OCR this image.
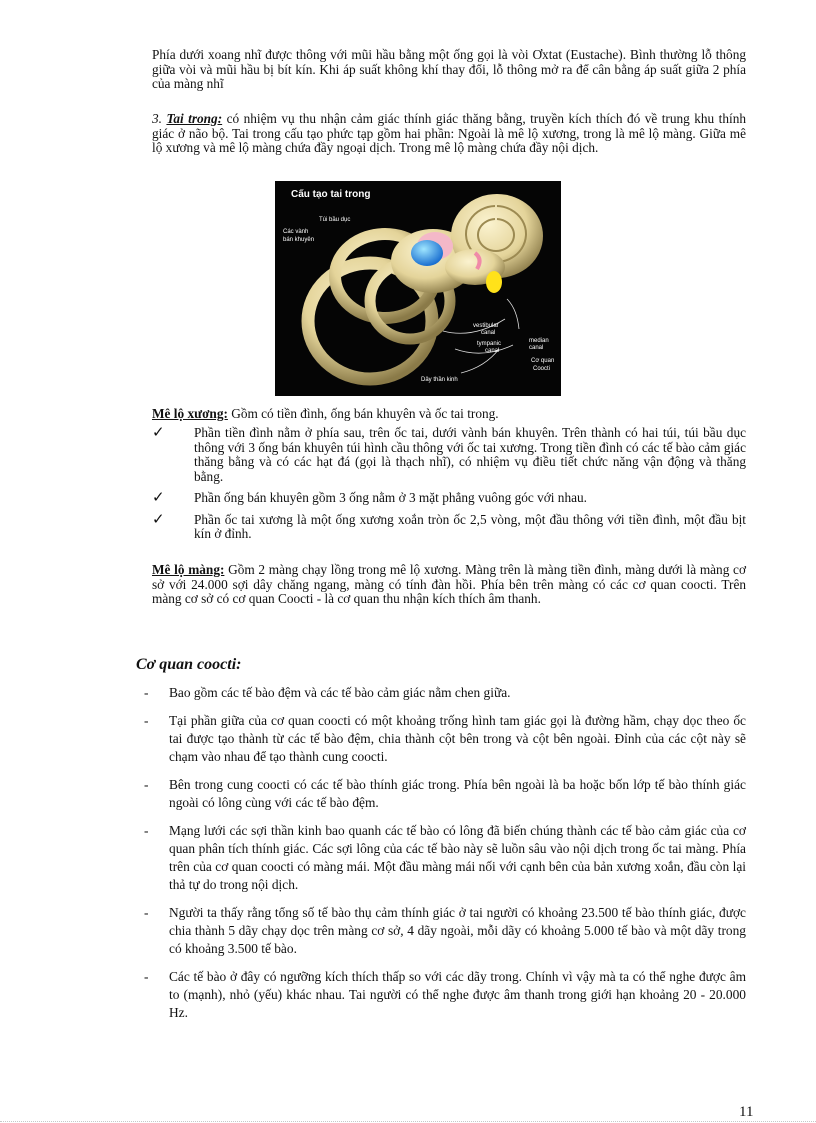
Phía dưới xoang nhĩ được thông với mũi hầu bằng một ống gọi là vòi Ơxtat (Eustache). Bình thường lỗ thông giữa vòi và mũi hầu bị bít kín. Khi áp suất không khí thay đổi, lỗ thông mở ra để cân bằng áp suất giữa 2 phía của màng nhĩ

3. Tai trong: có nhiệm vụ thu nhận cảm giác thính giác thăng bằng, truyền kích thích đó về trung khu thính giác ở não bộ. Tai trong cấu tạo phức tạp gồm hai phần: Ngoài là mê lộ xương, trong là mê lộ màng. Giữa mê lộ xương và mê lộ màng chứa đầy ngoại dịch. Trong mê lộ màng chứa đầy nội dịch.

Cấu tạo tai trong
Túi bầu dục
Các vành
bán khuyên
vestibular
canal
median
canal
tympanic
canal
Cơ quan
Coocti
Dây thần kinh

Mê lộ xương: Gồm có tiền đình, ống bán khuyên và ốc tai trong.

✓ Phần tiền đình nằm ở phía sau, trên ốc tai, dưới vành bán khuyên. Trên thành có hai túi, túi bầu dục thông với 3 ống bán khuyên túi hình cầu thông với ốc tai xương. Trong tiền đình có các tế bào cảm giác thăng bằng và có các hạt đá (gọi là thạch nhĩ), có nhiệm vụ điều tiết chức năng vận động và thăng bằng.
✓ Phần ống bán khuyên gồm 3 ống nằm ở 3 mặt phẳng vuông góc với nhau.
✓ Phần ốc tai xương là một ống xương xoắn tròn ốc 2,5 vòng, một đầu thông với tiền đình, một đầu bịt kín ở đỉnh.

Mê lộ màng: Gồm 2 màng chạy lồng trong mê lộ xương. Màng trên là màng tiền đình, màng dưới là màng cơ sở với 24.000 sợi dây chăng ngang, màng có tính đàn hồi. Phía bên trên màng có các cơ quan coocti. Trên màng cơ sở có cơ quan Coocti - là cơ quan thu nhận kích thích âm thanh.

Cơ quan coocti:
- Bao gồm các tế bào đệm và các tế bào cảm giác nằm chen giữa.
- Tại phần giữa của cơ quan coocti có một khoảng trống hình tam giác gọi là đường hầm, chạy dọc theo ốc tai được tạo thành từ các tế bào đệm, chia thành cột bên trong và cột bên ngoài. Đỉnh của các cột này sẽ chạm vào nhau để tạo thành cung coocti.
- Bên trong cung coocti có các tế bào thính giác trong. Phía bên ngoài là ba hoặc bốn lớp tế bào thính giác ngoài có lông cùng với các tế bào đệm.
- Mạng lưới các sợi thần kinh bao quanh các tế bào có lông đã biến chúng thành các tế bào cảm giác của cơ quan phân tích thính giác. Các sợi lông của các tế bào này sẽ luồn sâu vào nội dịch trong ốc tai màng. Phía trên của cơ quan coocti có màng mái. Một đầu màng mái nối với cạnh bên của bản xương xoắn, đầu còn lại thả tự do trong nội dịch.
- Người ta thấy rằng tổng số tế bào thụ cảm thính giác ở tai người có khoảng 23.500 tế bào thính giác, được chia thành 5 dãy chạy dọc trên màng cơ sở, 4 dãy ngoài, mỗi dãy có khoảng 5.000 tế bào và một dãy trong có khoảng 3.500 tế bào.
- Các tế bào ở đây có ngưỡng kích thích thấp so với các dãy trong. Chính vì vậy mà ta có thể nghe được âm to (mạnh), nhỏ (yếu) khác nhau. Tai người có thể nghe được âm thanh trong giới hạn khoảng 20 - 20.000 Hz.
11
